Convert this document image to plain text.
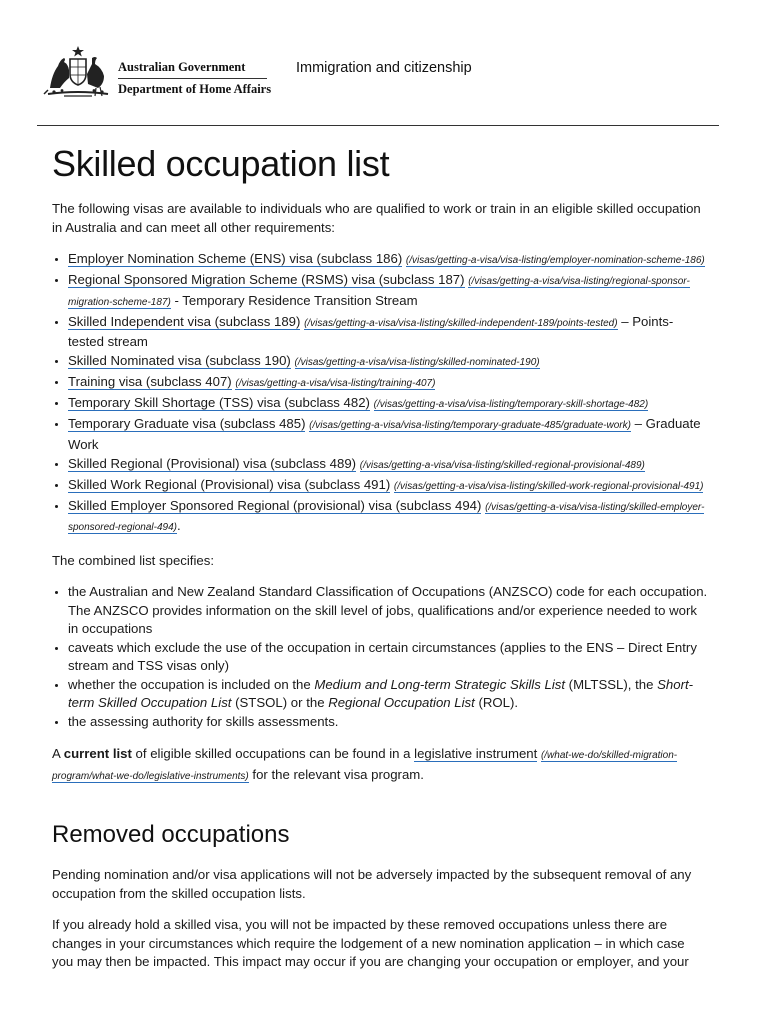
Australian Government
Department of Home Affairs
Immigration and citizenship
Skilled occupation list

The following visas are available to individuals who are qualified to work or train in an eligible skilled occupation in Australia and can meet all other requirements:

• Employer Nomination Scheme (ENS) visa (subclass 186) (/visas/getting-a-visa/visa-listing/employer-nomination-scheme-186)
• Regional Sponsored Migration Scheme (RSMS) visa (subclass 187) (/visas/getting-a-visa/visa-listing/regional-sponsor-migration-scheme-187) - Temporary Residence Transition Stream
• Skilled Independent visa (subclass 189) (/visas/getting-a-visa/visa-listing/skilled-independent-189/points-tested) – Points-tested stream
• Skilled Nominated visa (subclass 190) (/visas/getting-a-visa/visa-listing/skilled-nominated-190)
• Training visa (subclass 407) (/visas/getting-a-visa/visa-listing/training-407)
• Temporary Skill Shortage (TSS) visa (subclass 482) (/visas/getting-a-visa/visa-listing/temporary-skill-shortage-482)
• Temporary Graduate visa (subclass 485) (/visas/getting-a-visa/visa-listing/temporary-graduate-485/graduate-work) – Graduate Work
• Skilled Regional (Provisional) visa (subclass 489) (/visas/getting-a-visa/visa-listing/skilled-regional-provisional-489)
• Skilled Work Regional (Provisional) visa (subclass 491) (/visas/getting-a-visa/visa-listing/skilled-work-regional-provisional-491)
• Skilled Employer Sponsored Regional (provisional) visa (subclass 494) (/visas/getting-a-visa/visa-listing/skilled-employer-sponsored-regional-494).

The combined list specifies:

• the Australian and New Zealand Standard Classification of Occupations (ANZSCO) code for each occupation. The ANZSCO provides information on the skill level of jobs, qualifications and/or experience needed to work in occupations
• caveats which exclude the use of the occupation in certain circumstances (applies to the ENS – Direct Entry stream and TSS visas only)
• whether the occupation is included on the Medium and Long-term Strategic Skills List (MLTSSL), the Short-term Skilled Occupation List (STSOL) or the Regional Occupation List (ROL).
• the assessing authority for skills assessments.

A current list of eligible skilled occupations can be found in a legislative instrument (/what-we-do/skilled-migration-program/what-we-do/legislative-instruments) for the relevant visa program.

Removed occupations

Pending nomination and/or visa applications will not be adversely impacted by the subsequent removal of any occupation from the skilled occupation lists.

If you already hold a skilled visa, you will not be impacted by these removed occupations unless there are changes in your circumstances which require the lodgement of a new nomination application – in which case you may then be impacted. This impact may occur if you are changing your occupation or employer, and your
